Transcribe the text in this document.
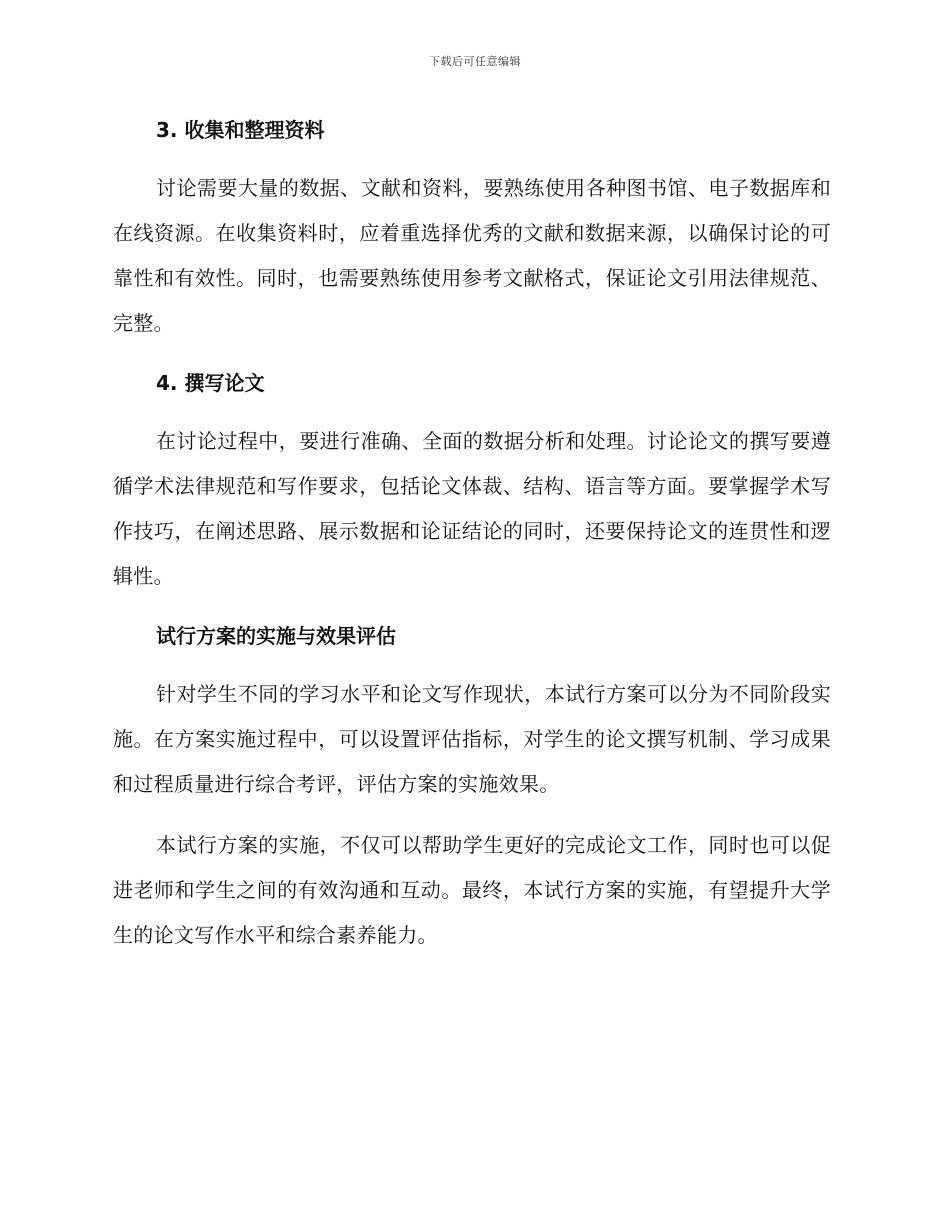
下载后可任意编辑

3. 收集和整理资料

讨论需要大量的数据、文献和资料，要熟练使用各种图书馆、电子数据库和在线资源。在收集资料时，应着重选择优秀的文献和数据来源，以确保讨论的可靠性和有效性。同时，也需要熟练使用参考文献格式，保证论文引用法律规范、完整。

4. 撰写论文

在讨论过程中，要进行准确、全面的数据分析和处理。讨论论文的撰写要遵循学术法律规范和写作要求，包括论文体裁、结构、语言等方面。要掌握学术写作技巧，在阐述思路、展示数据和论证结论的同时，还要保持论文的连贯性和逻辑性。

试行方案的实施与效果评估

针对学生不同的学习水平和论文写作现状，本试行方案可以分为不同阶段实施。在方案实施过程中，可以设置评估指标，对学生的论文撰写机制、学习成果和过程质量进行综合考评，评估方案的实施效果。

本试行方案的实施，不仅可以帮助学生更好的完成论文工作，同时也可以促进老师和学生之间的有效沟通和互动。最终，本试行方案的实施，有望提升大学生的论文写作水平和综合素养能力。
